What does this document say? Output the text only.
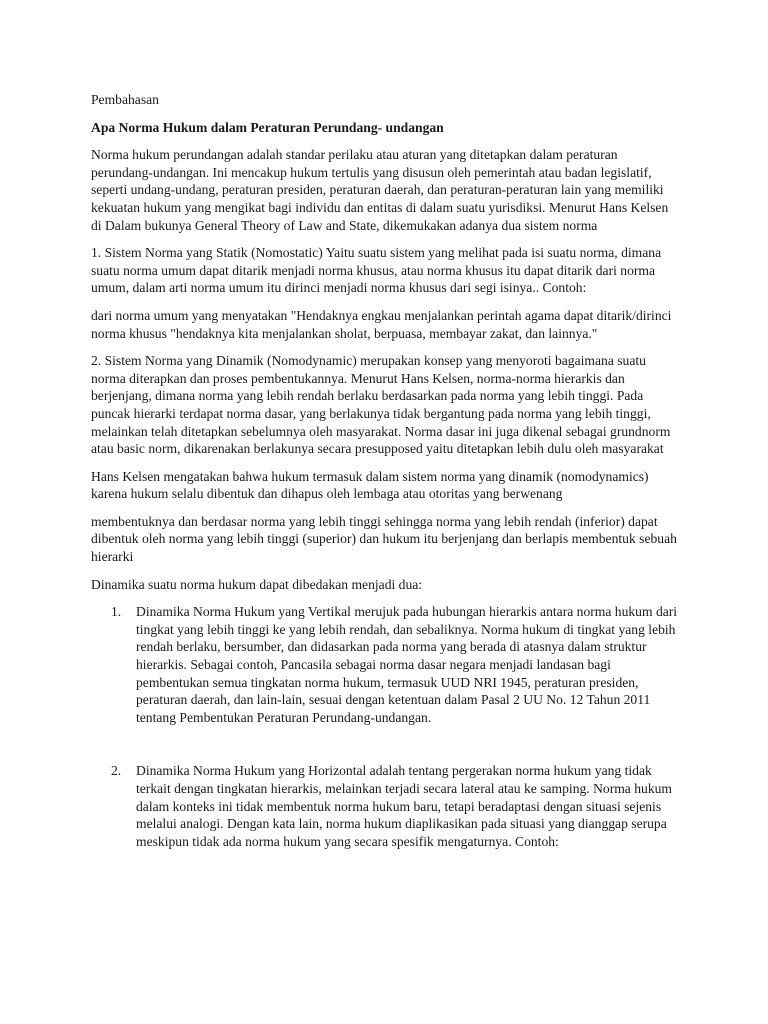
Pembahasan

Apa Norma Hukum dalam Peraturan Perundang- undangan

Norma hukum perundangan adalah standar perilaku atau aturan yang ditetapkan dalam peraturan perundang-undangan. Ini mencakup hukum tertulis yang disusun oleh pemerintah atau badan legislatif, seperti undang-undang, peraturan presiden, peraturan daerah, dan peraturan-peraturan lain yang memiliki kekuatan hukum yang mengikat bagi individu dan entitas di dalam suatu yurisdiksi. Menurut Hans Kelsen di Dalam bukunya General Theory of Law and State, dikemukakan adanya dua sistem norma

1. Sistem Norma yang Statik (Nomostatic) Yaitu suatu sistem yang melihat pada isi suatu norma, dimana suatu norma umum dapat ditarik menjadi norma khusus, atau norma khusus itu dapat ditarik dari norma umum, dalam arti norma umum itu dirinci menjadi norma khusus dari segi isinya.. Contoh:

dari norma umum yang menyatakan "Hendaknya engkau menjalankan perintah agama dapat ditarik/dirinci norma khusus "hendaknya kita menjalankan sholat, berpuasa, membayar zakat, dan lainnya."

2. Sistem Norma yang Dinamik (Nomodynamic) merupakan konsep yang menyoroti bagaimana suatu norma diterapkan dan proses pembentukannya. Menurut Hans Kelsen, norma-norma hierarkis dan berjenjang, dimana norma yang lebih rendah berlaku berdasarkan pada norma yang lebih tinggi. Pada puncak hierarki terdapat norma dasar, yang berlakunya tidak bergantung pada norma yang lebih tinggi, melainkan telah ditetapkan sebelumnya oleh masyarakat. Norma dasar ini juga dikenal sebagai grundnorm atau basic norm, dikarenakan berlakunya secara presupposed yaitu ditetapkan lebih dulu oleh masyarakat

Hans Kelsen mengatakan bahwa hukum termasuk dalam sistem norma yang dinamik (nomodynamics) karena hukum selalu dibentuk dan dihapus oleh lembaga atau otoritas yang berwenang

membentuknya dan berdasar norma yang lebih tinggi sehingga norma yang lebih rendah (inferior) dapat dibentuk oleh norma yang lebih tinggi (superior) dan hukum itu berjenjang dan berlapis membentuk sebuah hierarki

Dinamika suatu norma hukum dapat dibedakan menjadi dua:

1. Dinamika Norma Hukum yang Vertikal merujuk pada hubungan hierarkis antara norma hukum dari tingkat yang lebih tinggi ke yang lebih rendah, dan sebaliknya. Norma hukum di tingkat yang lebih rendah berlaku, bersumber, dan didasarkan pada norma yang berada di atasnya dalam struktur hierarkis. Sebagai contoh, Pancasila sebagai norma dasar negara menjadi landasan bagi pembentukan semua tingkatan norma hukum, termasuk UUD NRI 1945, peraturan presiden, peraturan daerah, dan lain-lain, sesuai dengan ketentuan dalam Pasal 2 UU No. 12 Tahun 2011 tentang Pembentukan Peraturan Perundang-undangan.
2. Dinamika Norma Hukum yang Horizontal adalah tentang pergerakan norma hukum yang tidak terkait dengan tingkatan hierarkis, melainkan terjadi secara lateral atau ke samping. Norma hukum dalam konteks ini tidak membentuk norma hukum baru, tetapi beradaptasi dengan situasi sejenis melalui analogi. Dengan kata lain, norma hukum diaplikasikan pada situasi yang dianggap serupa meskipun tidak ada norma hukum yang secara spesifik mengaturnya. Contoh:
